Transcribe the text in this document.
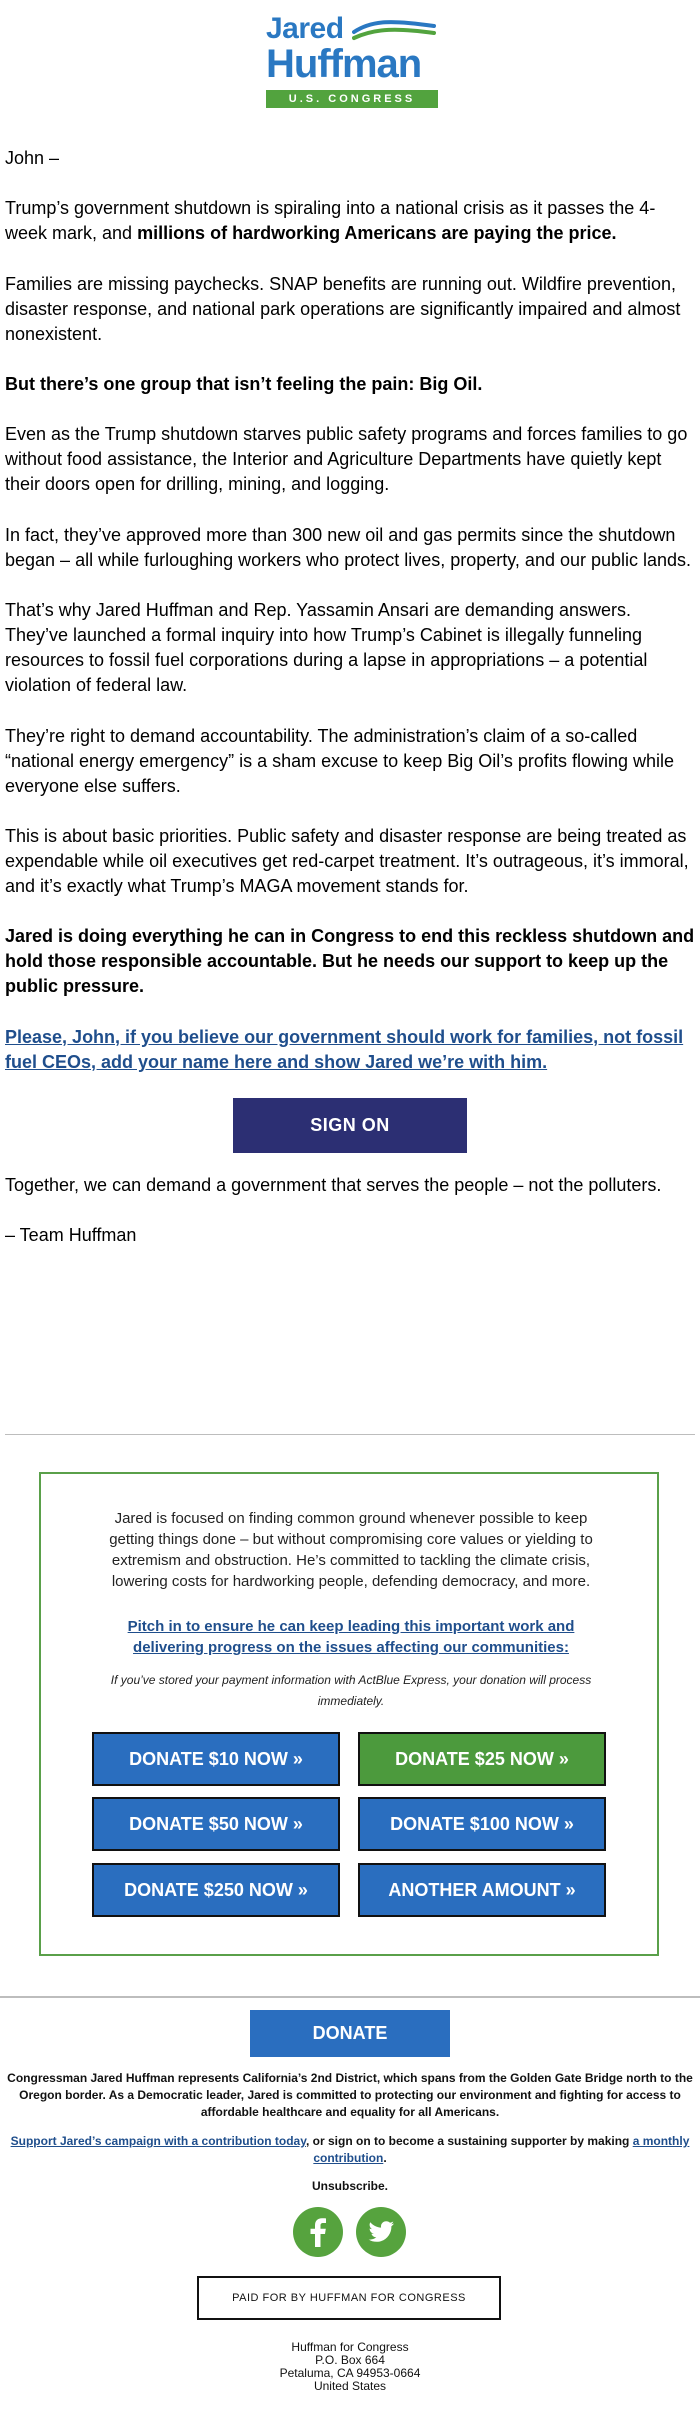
Jared
Huffman
U.S. CONGRESS

John –

Trump’s government shutdown is spiraling into a national crisis as it passes the 4-week mark, and millions of hardworking Americans are paying the price.

Families are missing paychecks. SNAP benefits are running out. Wildfire prevention, disaster response, and national park operations are significantly impaired and almost nonexistent.

But there’s one group that isn’t feeling the pain: Big Oil.

Even as the Trump shutdown starves public safety programs and forces families to go without food assistance, the Interior and Agriculture Departments have quietly kept their doors open for drilling, mining, and logging.

In fact, they’ve approved more than 300 new oil and gas permits since the shutdown began – all while furloughing workers who protect lives, property, and our public lands.

That’s why Jared Huffman and Rep. Yassamin Ansari are demanding answers. They’ve launched a formal inquiry into how Trump’s Cabinet is illegally funneling resources to fossil fuel corporations during a lapse in appropriations – a potential violation of federal law.

They’re right to demand accountability. The administration’s claim of a so-called “national energy emergency” is a sham excuse to keep Big Oil’s profits flowing while everyone else suffers.

This is about basic priorities. Public safety and disaster response are being treated as expendable while oil executives get red-carpet treatment. It’s outrageous, it’s immoral, and it’s exactly what Trump’s MAGA movement stands for.

Jared is doing everything he can in Congress to end this reckless shutdown and hold those responsible accountable. But he needs our support to keep up the public pressure.

Please, John, if you believe our government should work for families, not fossil fuel CEOs, add your name here and show Jared we’re with him.

SIGN ON

Together, we can demand a government that serves the people – not the polluters.

– Team Huffman

Jared is focused on finding common ground whenever possible to keep getting things done – but without compromising core values or yielding to extremism and obstruction. He’s committed to tackling the climate crisis, lowering costs for hardworking people, defending democracy, and more.

Pitch in to ensure he can keep leading this important work and delivering progress on the issues affecting our communities:

If you’ve stored your payment information with ActBlue Express, your donation will process immediately.

DONATE $10 NOW »	DONATE $25 NOW »
DONATE $50 NOW »	DONATE $100 NOW »
DONATE $250 NOW »	ANOTHER AMOUNT »
DONATE

Congressman Jared Huffman represents California’s 2nd District, which spans from the Golden Gate Bridge north to the Oregon border. As a Democratic leader, Jared is committed to protecting our environment and fighting for access to affordable healthcare and equality for all Americans.

Support Jared’s campaign with a contribution today, or sign on to become a sustaining supporter by making a monthly contribution.

Unsubscribe.

PAID FOR BY HUFFMAN FOR CONGRESS

Huffman for Congress

P.O. Box 664

Petaluma, CA 94953-0664

United States
